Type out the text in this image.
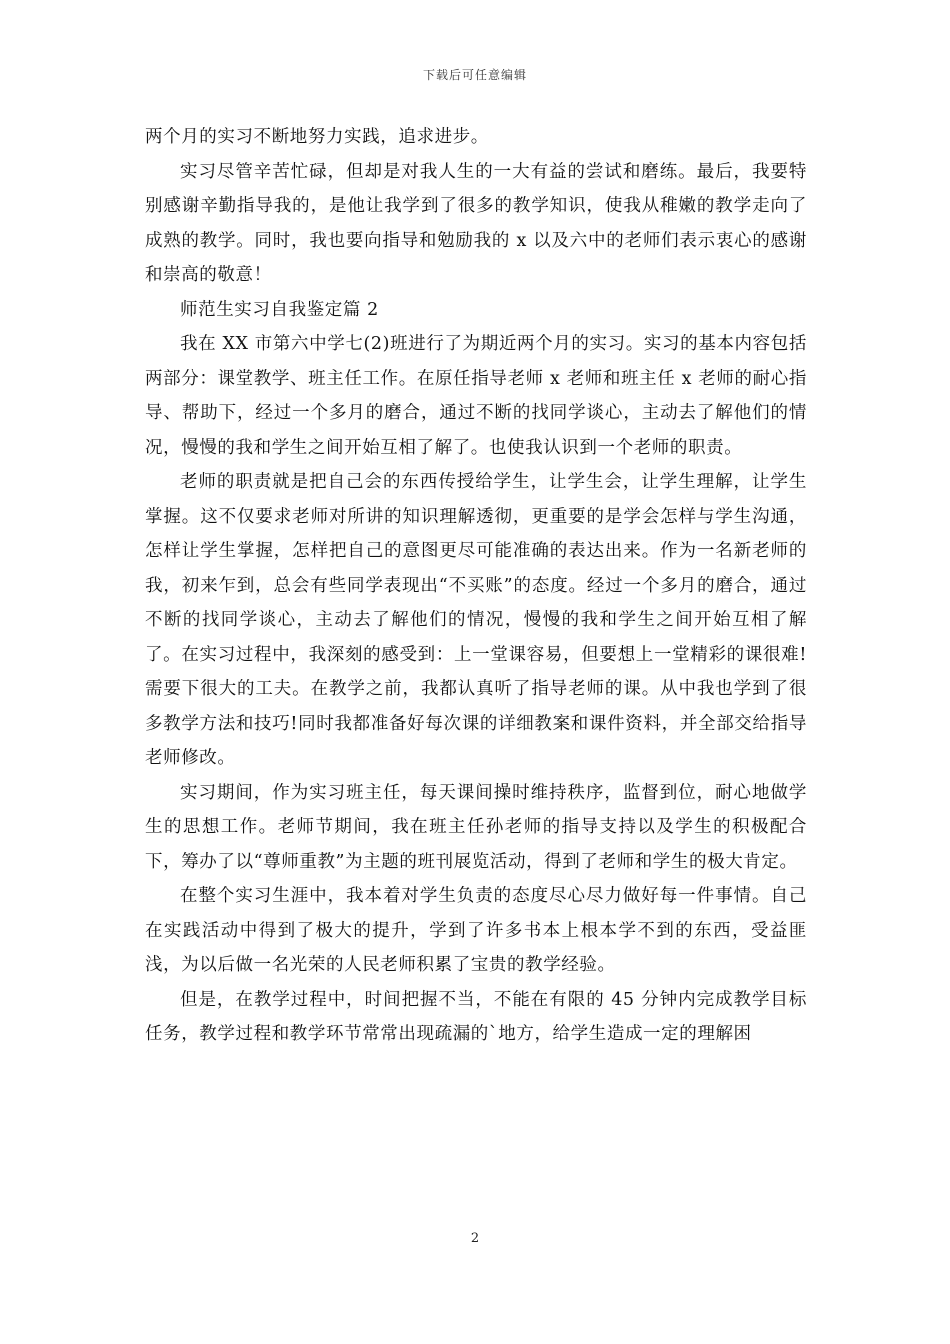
下载后可任意编辑

两个月的实习不断地努力实践，追求进步。

实习尽管辛苦忙碌，但却是对我人生的一大有益的尝试和磨练。最后，我要特别感谢辛勤指导我的，是他让我学到了很多的教学知识，使我从稚嫩的教学走向了成熟的教学。同时，我也要向指导和勉励我的 x 以及六中的老师们表示衷心的感谢和崇高的敬意！

师范生实习自我鉴定篇 2

我在 XX 市第六中学七(2)班进行了为期近两个月的实习。实习的基本内容包括两部分：课堂教学、班主任工作。在原任指导老师 x 老师和班主任 x 老师的耐心指导、帮助下，经过一个多月的磨合，通过不断的找同学谈心，主动去了解他们的情况，慢慢的我和学生之间开始互相了解了。也使我认识到一个老师的职责。

老师的职责就是把自己会的东西传授给学生，让学生会，让学生理解，让学生掌握。这不仅要求老师对所讲的知识理解透彻，更重要的是学会怎样与学生沟通，怎样让学生掌握，怎样把自己的意图更尽可能准确的表达出来。作为一名新老师的我，初来乍到，总会有些同学表现出“不买账”的态度。经过一个多月的磨合，通过不断的找同学谈心，主动去了解他们的情况，慢慢的我和学生之间开始互相了解了。在实习过程中，我深刻的感受到：上一堂课容易，但要想上一堂精彩的课很难!需要下很大的工夫。在教学之前，我都认真听了指导老师的课。从中我也学到了很多教学方法和技巧!同时我都准备好每次课的详细教案和课件资料，并全部交给指导老师修改。

实习期间，作为实习班主任，每天课间操时维持秩序，监督到位，耐心地做学生的思想工作。老师节期间，我在班主任孙老师的指导支持以及学生的积极配合下，筹办了以“尊师重教”为主题的班刊展览活动，得到了老师和学生的极大肯定。

在整个实习生涯中，我本着对学生负责的态度尽心尽力做好每一件事情。自己在实践活动中得到了极大的提升，学到了许多书本上根本学不到的东西，受益匪浅，为以后做一名光荣的人民老师积累了宝贵的教学经验。

但是，在教学过程中，时间把握不当，不能在有限的 45 分钟内完成教学目标任务，教学过程和教学环节常常出现疏漏的`地方，给学生造成一定的理解困

2
